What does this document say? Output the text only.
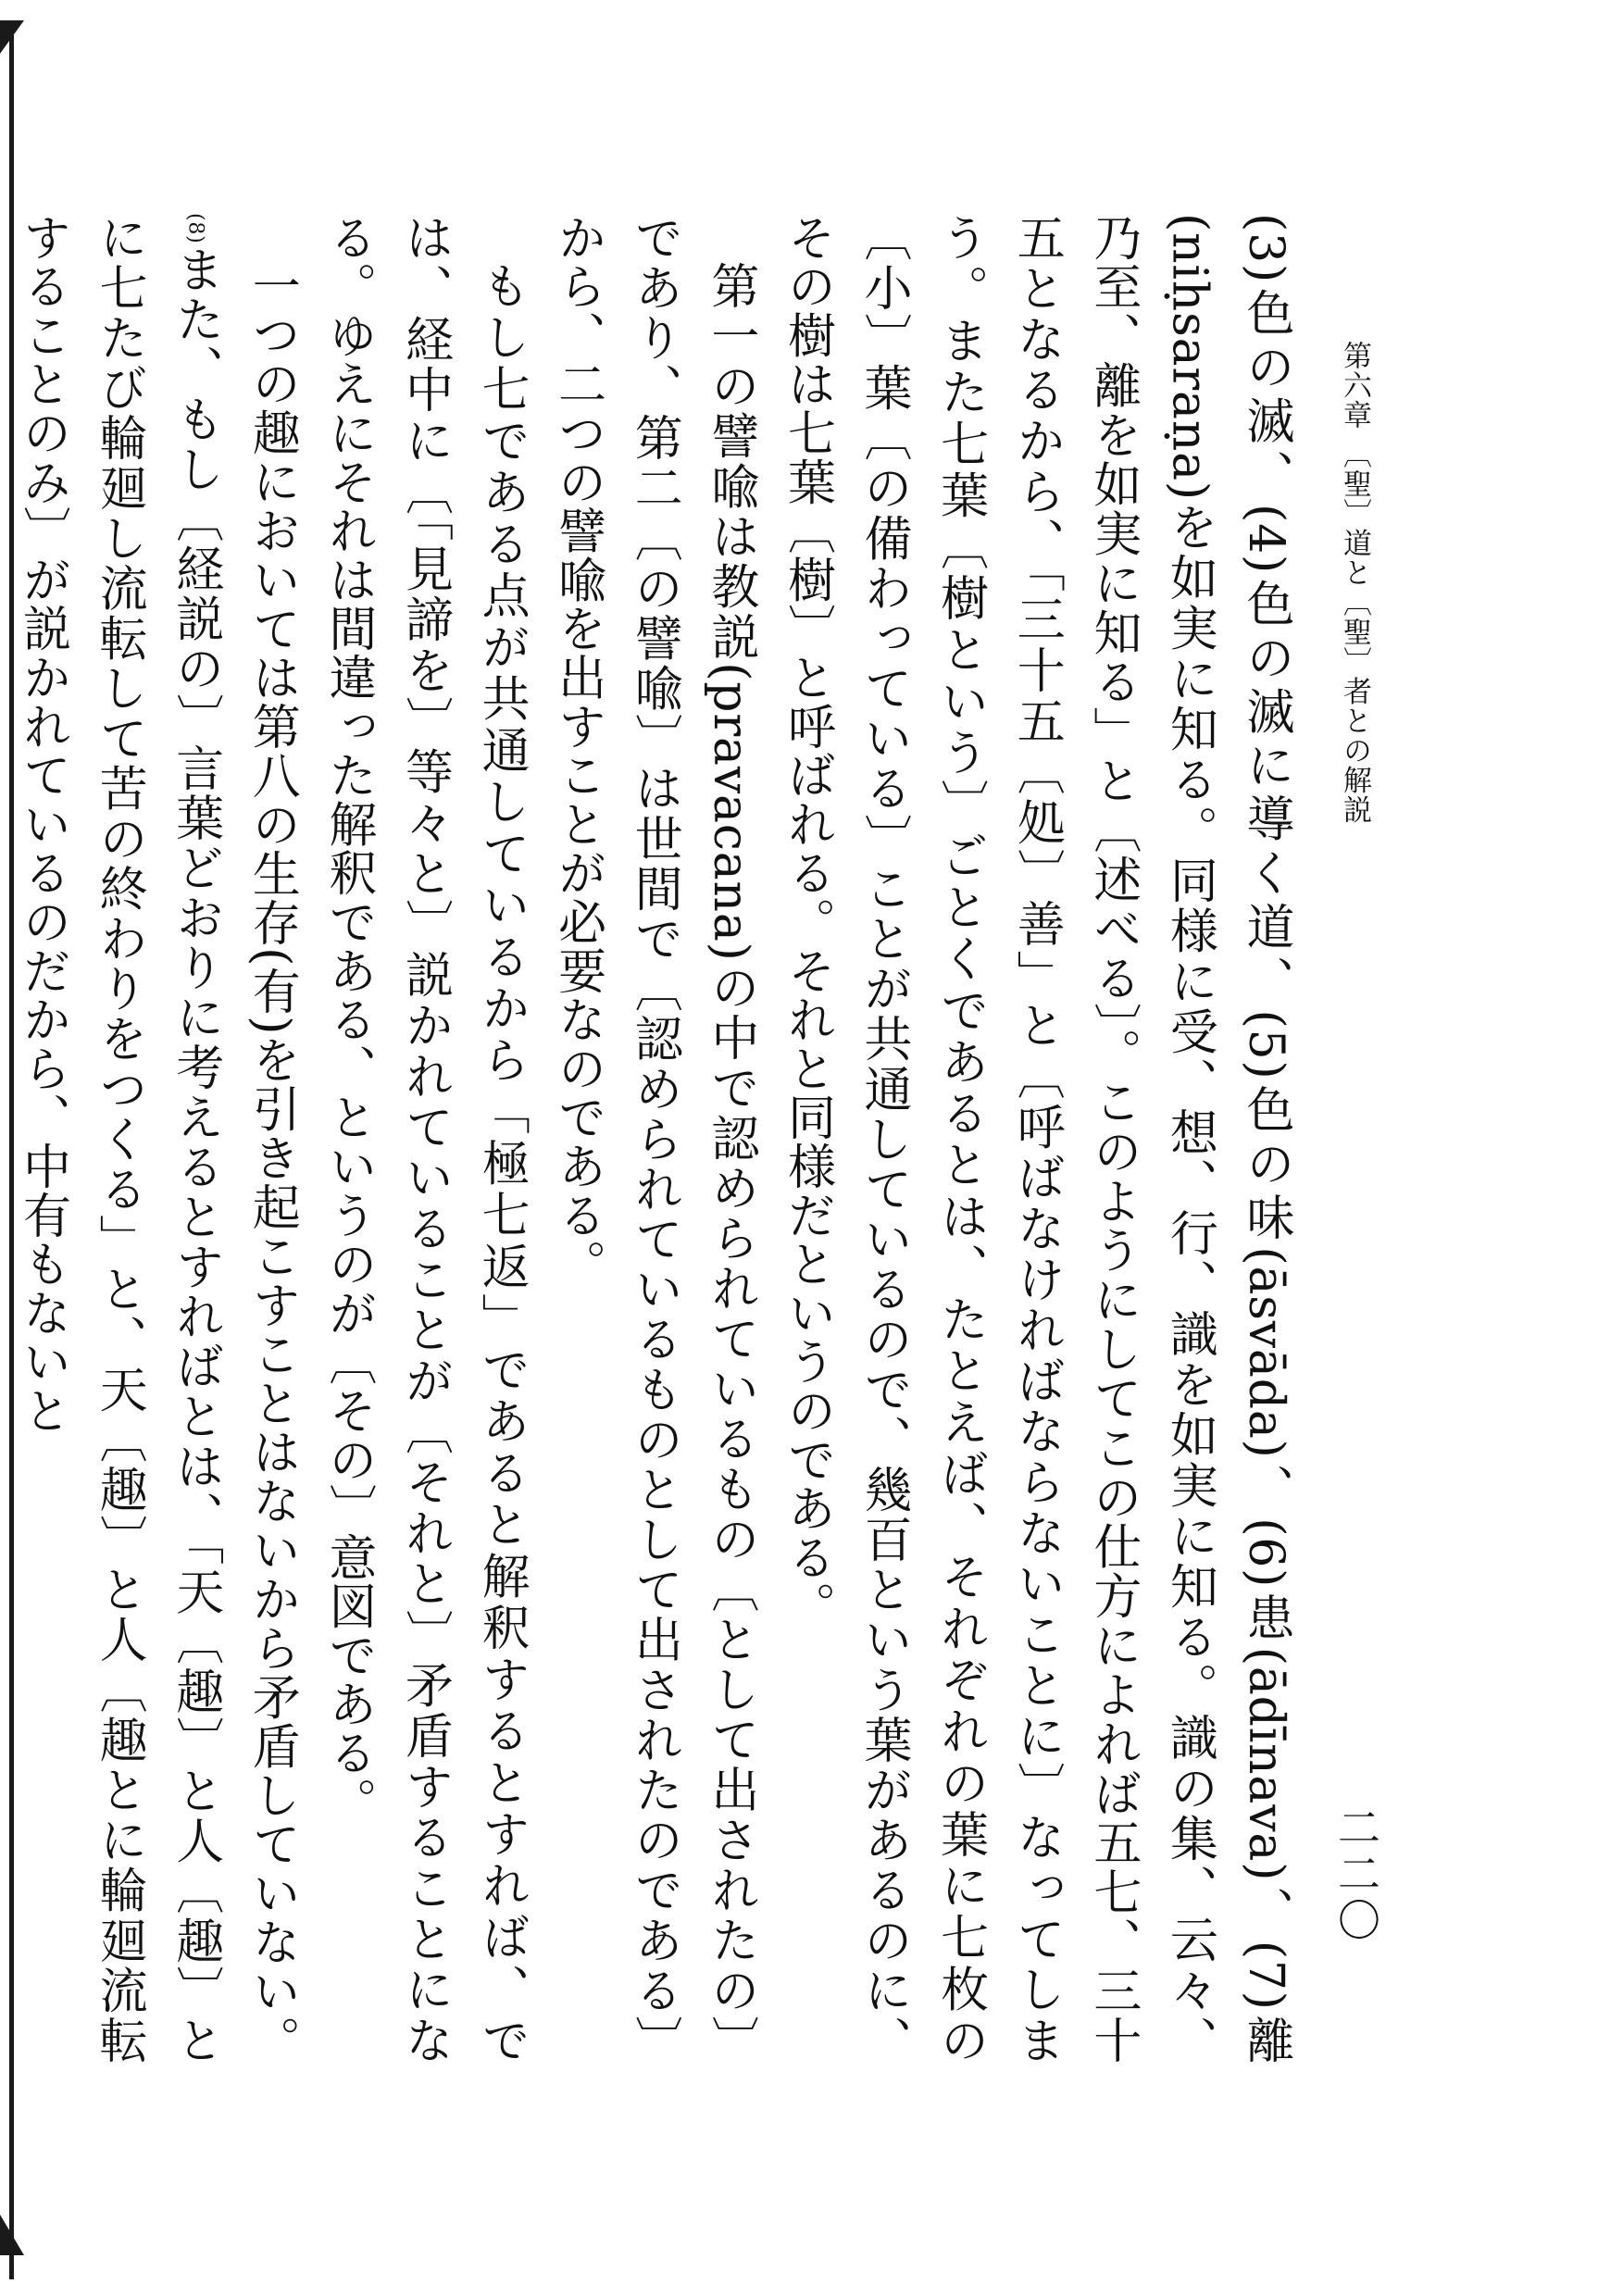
第六章 〔聖〕道と〔聖〕者との解説
二二〇

(3)色の滅、(4)色の滅に導く道、(5)色の味(āsvāda)、(6)患(ādīnava)、(7)離(niḥsaraṇa)を如実に知る。同様に受、想、行、識を如実に知る。識の集、云々、乃至、離を如実に知る」と〔述べる〕。このようにしてこの仕方によれば五七、三十五となるから、「三十五〔処〕善」と〔呼ばなければならないことに〕なってしまう。また七葉〔樹という〕ごとくであるとは、たとえば、それぞれの葉に七枚の〔小〕葉〔の備わっている〕ことが共通しているので、幾百という葉があるのに、その樹は七葉〔樹〕と呼ばれる。それと同様だというのである。

第一の譬喩は教説(pravacana)の中で認められているもの〔として出されたの〕であり、第二〔の譬喩〕は世間で〔認められているものとして出されたのである〕から、二つの譬喩を出すことが必要なのである。

もし七である点が共通しているから「極七返」であると解釈するとすれば、では、経中に〔「見諦を〕等々と〕説かれていることが〔それと〕矛盾することになる。ゆえにそれは間違った解釈である、というのが〔その〕意図である。

一つの趣においては第八の生存(有)を引き起こすことはないから矛盾していない。$^{(8)}$また、もし〔経説の〕言葉どおりに考えるとすればとは、「天〔趣〕と人〔趣〕とに七たび輪廻し流転して苦の終わりをつくる」と、天〔趣〕と人〔趣とに輪廻流転することのみ〕が説かれているのだから、中有もないと
